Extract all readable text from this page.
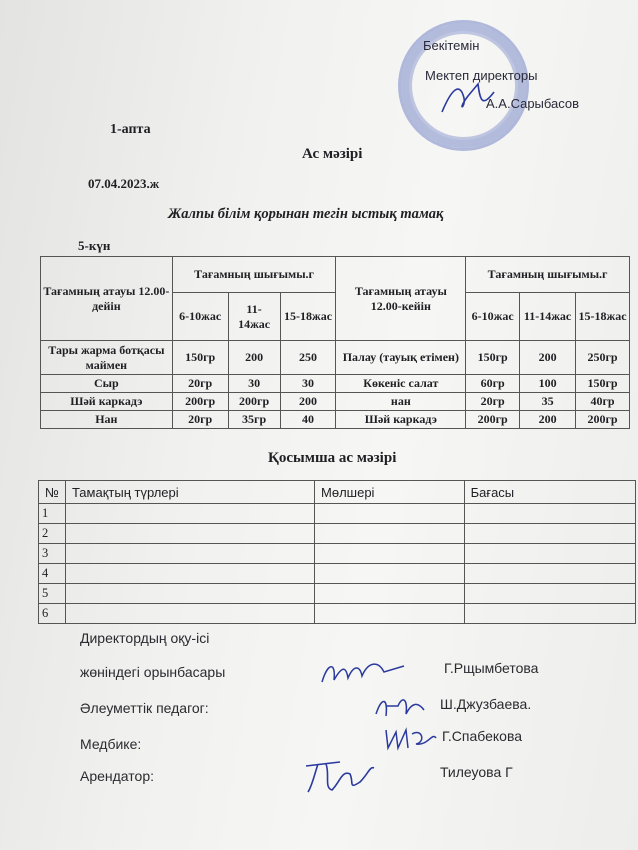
Бекітемін
Мектеп директоры
А.А.Сарыбасов
1-апта
Ас мәзірі
07.04.2023.ж
Жалпы білім қорынан тегін ыстық тамақ
5-күн
Тағамның атауы 12.00-дейін	Тағамның шығымы.г			Тағамның атауы 12.00-кейін	Тағамның шығымы.г		
	6-10жас	11-14жас	15-18жас		6-10жас	11-14жас	15-18жас
Тары жарма ботқасы маймен	150гр	200	250	Палау (тауық етімен)	150гр	200	250гр
Сыр	20гр	30	30	Көкеніс салат	60гр	100	150гр
Шәй каркадэ	200гр	200гр	200	нан	20гр	35	40гр
Нан	20гр	35гр	40	Шәй каркадэ	200гр	200	200гр
Қосымша ас мәзірі
№	Тамақтың түрлері	Мөлшері	Бағасы
1			
2			
3			
4			
5			
6			
Директордың оқу-ісі
жөніндегі орынбасары	Г.Рщымбетова
Әлеуметтік педагог:	Ш.Джузбаева.
Медбике:	Г.Спабекова
Арендатор:	Тилеуова Г
